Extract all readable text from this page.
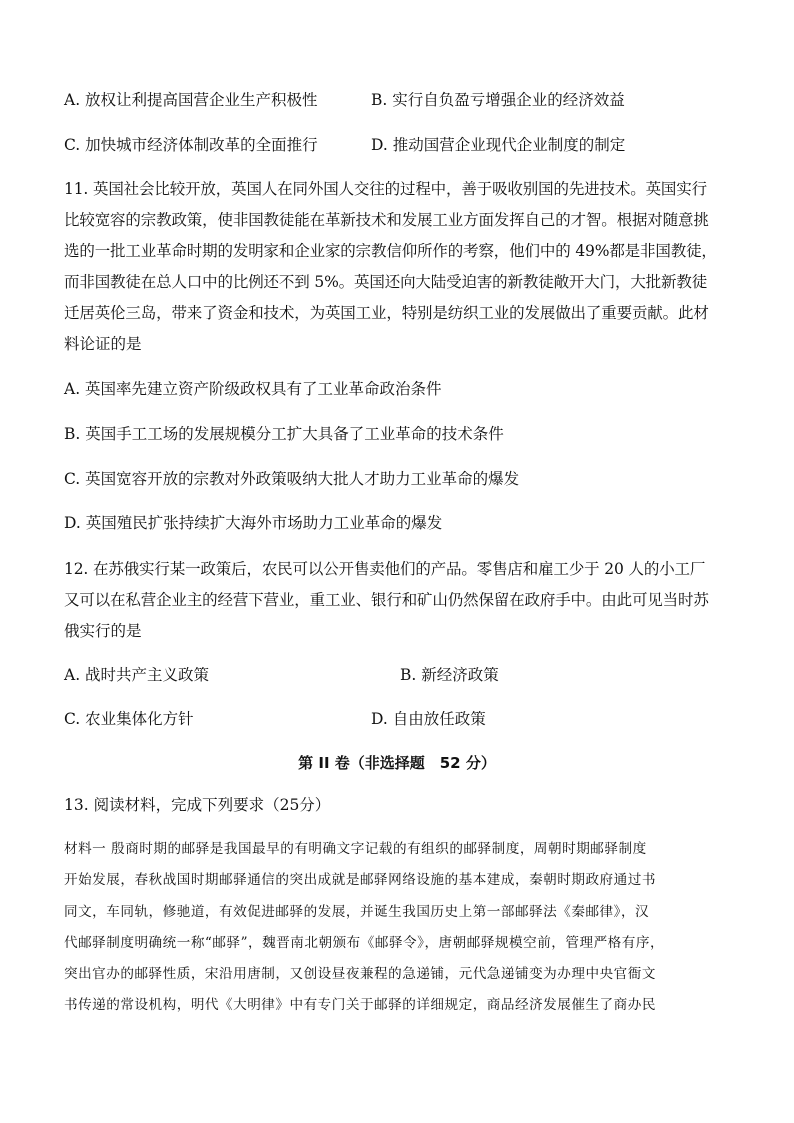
A. 放权让利提高国营企业生产积极性	B. 实行自负盈亏增强企业的经济效益
C. 加快城市经济体制改革的全面推行	D. 推动国营企业现代企业制度的制定
11. 英国社会比较开放，英国人在同外国人交往的过程中，善于吸收别国的先进技术。英国实行
比较宽容的宗教政策，使非国教徒能在革新技术和发展工业方面发挥自己的才智。根据对随意挑
选的一批工业革命时期的发明家和企业家的宗教信仰所作的考察，他们中的 49%都是非国教徒，
而非国教徒在总人口中的比例还不到 5%。英国还向大陆受迫害的新教徒敞开大门，大批新教徒
迁居英伦三岛，带来了资金和技术，为英国工业，特别是纺织工业的发展做出了重要贡献。此材
料论证的是
A. 英国率先建立资产阶级政权具有了工业革命政治条件
B. 英国手工工场的发展规模分工扩大具备了工业革命的技术条件
C. 英国宽容开放的宗教对外政策吸纳大批人才助力工业革命的爆发
D. 英国殖民扩张持续扩大海外市场助力工业革命的爆发
12. 在苏俄实行某一政策后，农民可以公开售卖他们的产品。零售店和雇工少于 20 人的小工厂
又可以在私营企业主的经营下营业，重工业、银行和矿山仍然保留在政府手中。由此可见当时苏
俄实行的是
A. 战时共产主义政策	B. 新经济政策
C. 农业集体化方针	D. 自由放任政策
第 II 卷（非选择题　52 分）
13. 阅读材料，完成下列要求（25分）
材料一 殷商时期的邮驿是我国最早的有明确文字记载的有组织的邮驿制度，周朝时期邮驿制度
开始发展，春秋战国时期邮驿通信的突出成就是邮驿网络设施的基本建成，秦朝时期政府通过书
同文，车同轨，修驰道，有效促进邮驿的发展，并诞生我国历史上第一部邮驿法《秦邮律》，汉
代邮驿制度明确统一称“邮驿”，魏晋南北朝颁布《邮驿令》，唐朝邮驿规模空前，管理严格有序，
突出官办的邮驿性质，宋沿用唐制，又创设昼夜兼程的急递铺，元代急递铺变为办理中央官衙文
书传递的常设机构，明代《大明律》中有专门关于邮驿的详细规定，商品经济发展催生了商办民
